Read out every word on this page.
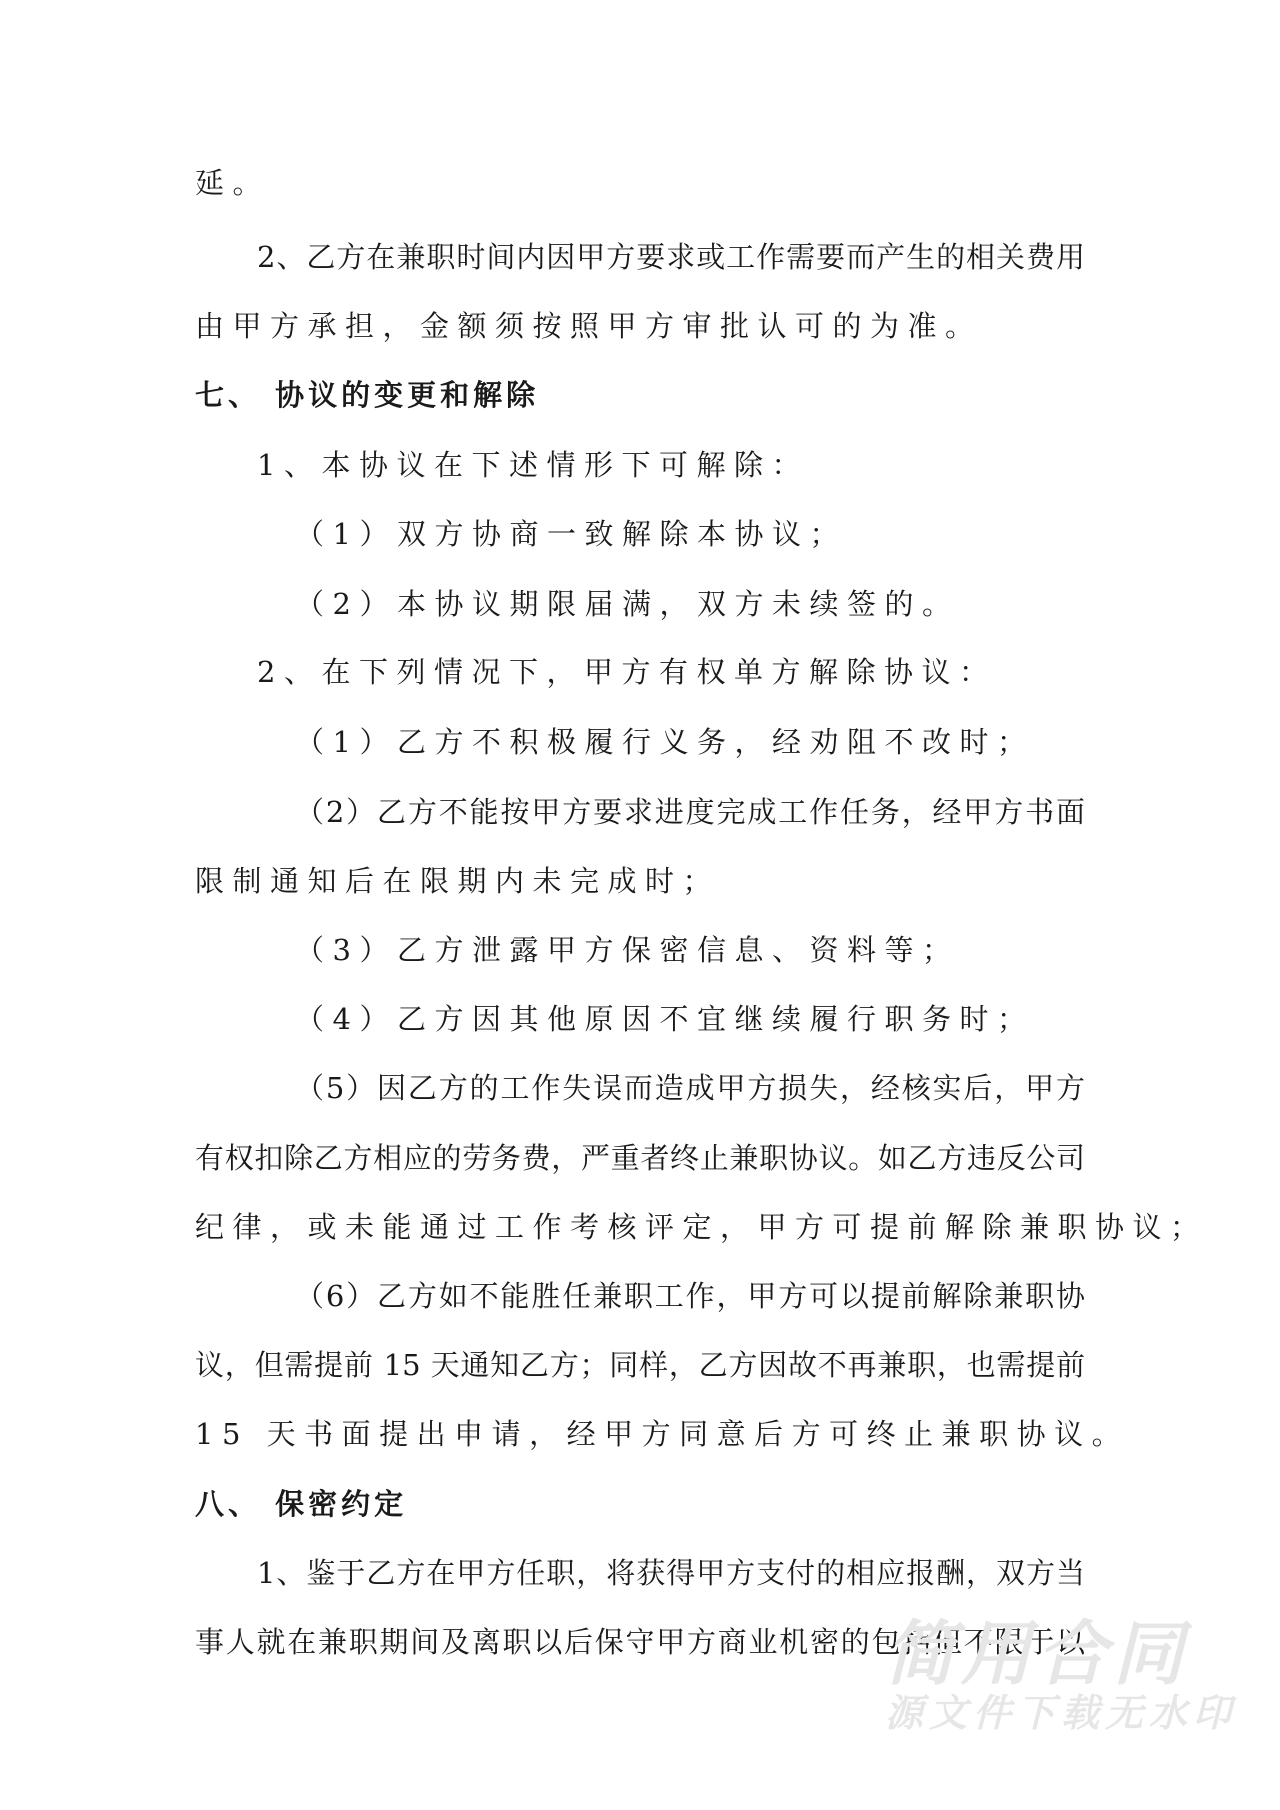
延。
2、乙方在兼职时间内因甲方要求或工作需要而产生的相关费用
由甲方承担，金额须按照甲方审批认可的为准。
七、 协议的变更和解除
1、本协议在下述情形下可解除：
（1）双方协商一致解除本协议；
（2）本协议期限届满，双方未续签的。
2、在下列情况下，甲方有权单方解除协议：
（1）乙方不积极履行义务，经劝阻不改时；
（2）乙方不能按甲方要求进度完成工作任务，经甲方书面
限制通知后在限期内未完成时；
（3）乙方泄露甲方保密信息、资料等；
（4）乙方因其他原因不宜继续履行职务时；
（5）因乙方的工作失误而造成甲方损失，经核实后，甲方
有权扣除乙方相应的劳务费，严重者终止兼职协议。如乙方违反公司
纪律，或未能通过工作考核评定，甲方可提前解除兼职协议；
（6）乙方如不能胜任兼职工作，甲方可以提前解除兼职协
议，但需提前 15 天通知乙方；同样，乙方因故不再兼职，也需提前
15 天书面提出申请，经甲方同意后方可终止兼职协议。
八、 保密约定
1、鉴于乙方在甲方任职，将获得甲方支付的相应报酬，双方当
事人就在兼职期间及离职以后保守甲方商业机密的包括但不限于以
简用合同
源文件下载无水印
